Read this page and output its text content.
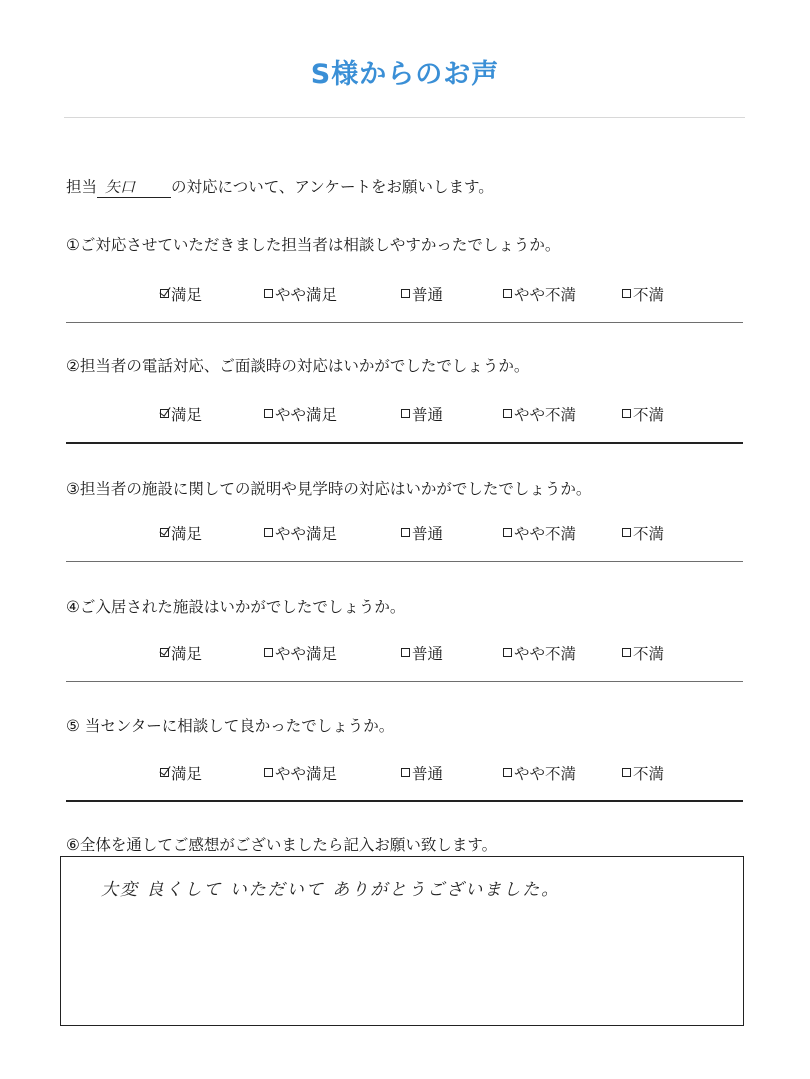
S様からのお声
担当 矢口 の対応について、アンケートをお願いします。
①ご対応させていただきました担当者は相談しやすかったでしょうか。
満足	やや満足	普通	やや不満	不満
②担当者の電話対応、ご面談時の対応はいかがでしたでしょうか。
満足	やや満足	普通	やや不満	不満
③担当者の施設に関しての説明や見学時の対応はいかがでしたでしょうか。
満足	やや満足	普通	やや不満	不満
④ご入居された施設はいかがでしたでしょうか。
満足	やや満足	普通	やや不満	不満
⑤ 当センターに相談して良かったでしょうか。
満足	やや満足	普通	やや不満	不満
⑥全体を通してご感想がございましたら記入お願い致します。
大変 良くして いただいて ありがとうございました。
